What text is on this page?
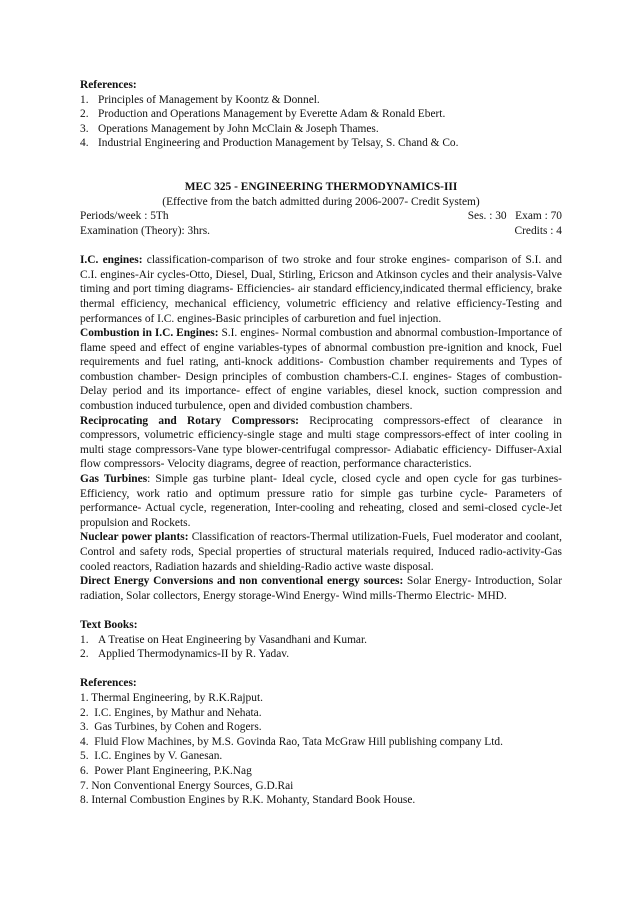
References:
1. Principles of Management by Koontz & Donnel.
2. Production and Operations Management by Everette Adam & Ronald Ebert.
3. Operations Management by John McClain & Joseph Thames.
4. Industrial Engineering and Production Management by Telsay, S. Chand & Co.
MEC 325 - ENGINEERING THERMODYNAMICS-III
(Effective from the batch admitted during 2006-2007- Credit System)
Periods/week : 5Th	Ses. : 30   Exam : 70
Examination (Theory): 3hrs.	Credits : 4
I.C. engines: classification-comparison of two stroke and four stroke engines- comparison of S.I. and C.I. engines-Air cycles-Otto, Diesel, Dual, Stirling, Ericson and Atkinson cycles and their analysis-Valve timing and port timing diagrams- Efficiencies- air standard efficiency,indicated thermal efficiency, brake thermal efficiency, mechanical efficiency, volumetric efficiency and relative efficiency-Testing and performances of I.C. engines-Basic principles of carburetion and fuel injection.
Combustion in I.C. Engines: S.I. engines- Normal combustion and abnormal combustion-Importance of flame speed and effect of engine variables-types of abnormal combustion pre-ignition and knock, Fuel requirements and fuel rating, anti-knock additions- Combustion chamber requirements and Types of combustion chamber- Design principles of combustion chambers-C.I. engines- Stages of combustion- Delay period and its importance- effect of engine variables, diesel knock, suction compression and combustion induced turbulence, open and divided combustion chambers.
Reciprocating and Rotary Compressors: Reciprocating compressors-effect of clearance in compressors, volumetric efficiency-single stage and multi stage compressors-effect of inter cooling in multi stage compressors-Vane type blower-centrifugal compressor- Adiabatic efficiency- Diffuser-Axial flow compressors- Velocity diagrams, degree of reaction, performance characteristics.
Gas Turbines: Simple gas turbine plant- Ideal cycle, closed cycle and open cycle for gas turbines-Efficiency, work ratio and optimum pressure ratio for simple gas turbine cycle- Parameters of performance- Actual cycle, regeneration, Inter-cooling and reheating, closed and semi-closed cycle-Jet propulsion and Rockets.
Nuclear power plants: Classification of reactors-Thermal utilization-Fuels, Fuel moderator and coolant, Control and safety rods, Special properties of structural materials required, Induced radio-activity-Gas cooled reactors, Radiation hazards and shielding-Radio active waste disposal.
Direct Energy Conversions and non conventional energy sources: Solar Energy- Introduction, Solar radiation, Solar collectors, Energy storage-Wind Energy- Wind mills-Thermo Electric- MHD.
Text Books:
1. A Treatise on Heat Engineering by Vasandhani and Kumar.
2. Applied Thermodynamics-II by R. Yadav.
References:
1. Thermal Engineering, by R.K.Rajput.
2.  I.C. Engines, by Mathur and Nehata.
3.  Gas Turbines, by Cohen and Rogers.
4.  Fluid Flow Machines, by M.S. Govinda Rao, Tata McGraw Hill publishing company Ltd.
5.  I.C. Engines by V. Ganesan.
6.  Power Plant Engineering, P.K.Nag
7. Non Conventional Energy Sources, G.D.Rai
8. Internal Combustion Engines by R.K. Mohanty, Standard Book House.
